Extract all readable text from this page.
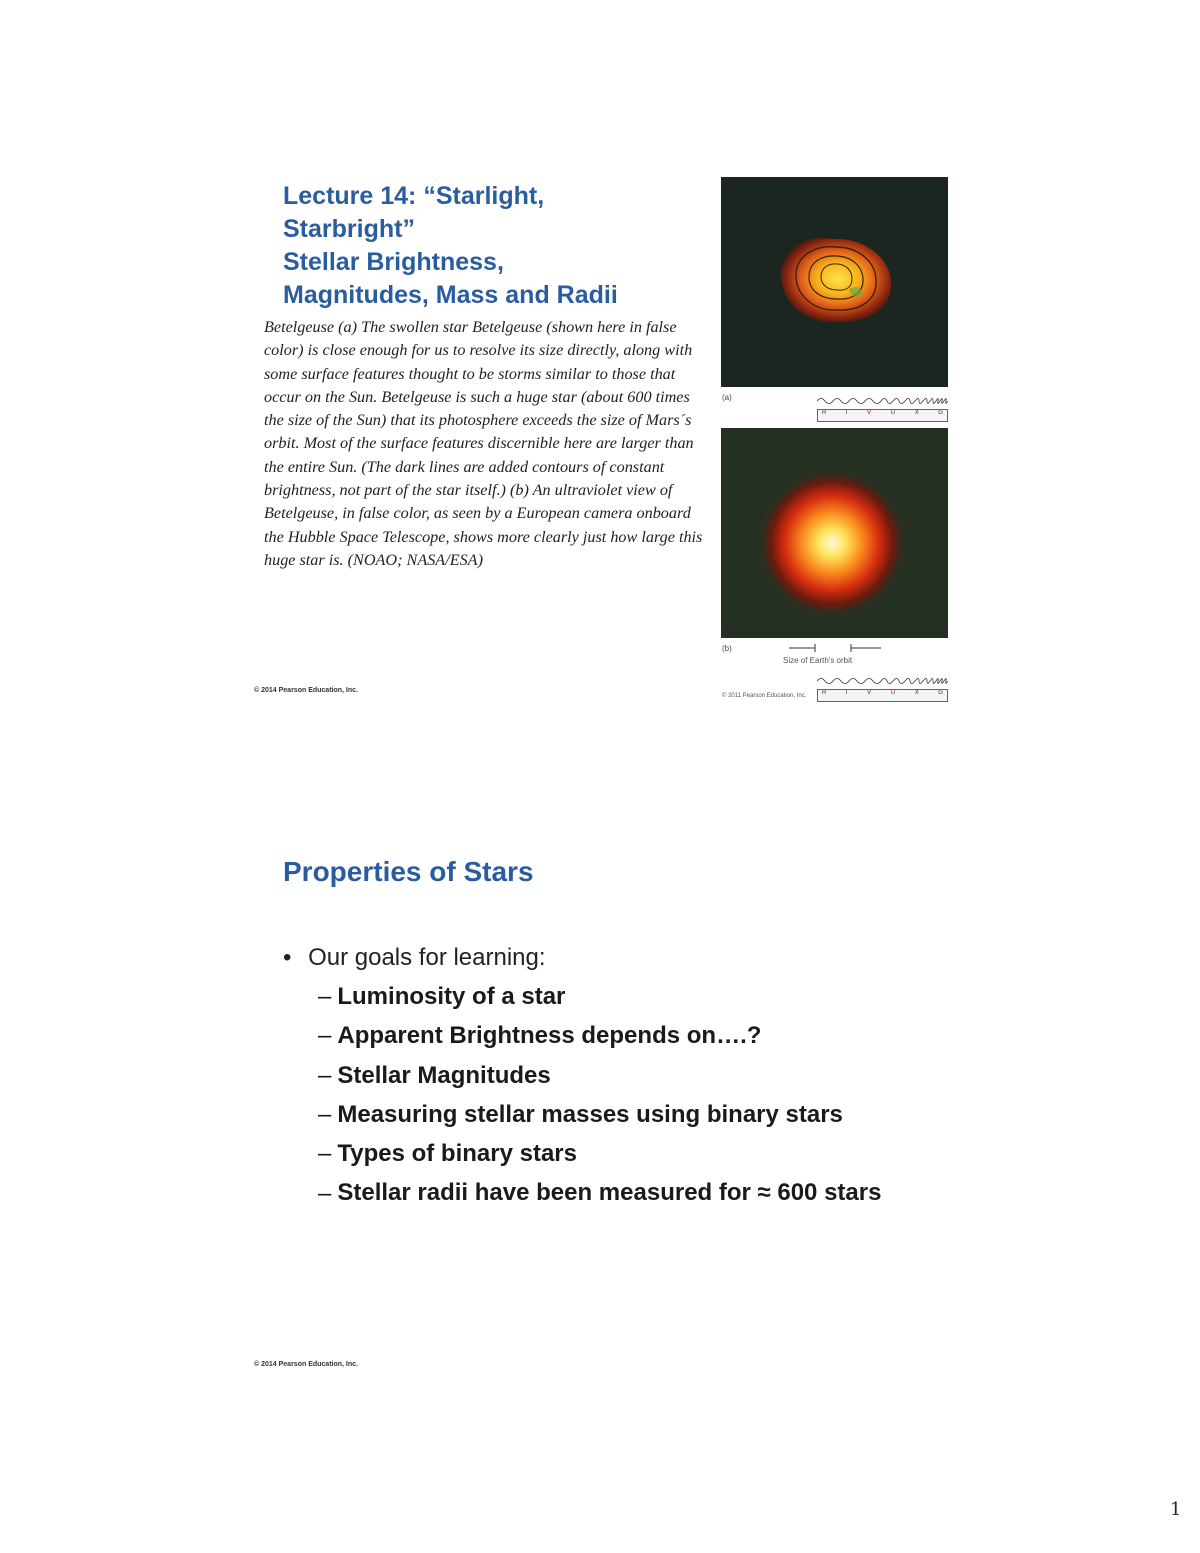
Lecture 14: “Starlight,
Starbright”
Stellar Brightness,
Magnitudes, Mass and Radii
Betelgeuse (a) The swollen star Betelgeuse (shown here in false color) is close enough for us to resolve its size directly, along with some surface features thought to be storms similar to those that occur on the Sun. Betelgeuse is such a huge star (about 600 times the size of the Sun) that its photosphere exceeds the size of Mars´s orbit. Most of the surface features discernible here are larger than the entire Sun. (The dark lines are added contours of constant brightness, not part of the star itself.) (b) An ultraviolet view of Betelgeuse, in false color, as seen by a European camera onboard the Hubble Space Telescope, shows more clearly just how large this huge star is. (NOAO; NASA/ESA)
© 2014 Pearson Education, Inc.
(a)
R	I	V	U	X	G
(b)
Size of Earth's orbit
R	I	V	U	X	G
© 2011 Pearson Education, Inc.
Properties of Stars
• Our goals for learning:
– Luminosity of a star
– Apparent Brightness depends on….?
– Stellar Magnitudes
– Measuring stellar masses using binary stars
– Types of binary stars
– Stellar radii have been measured for ≈ 600 stars
© 2014 Pearson Education, Inc.
1
